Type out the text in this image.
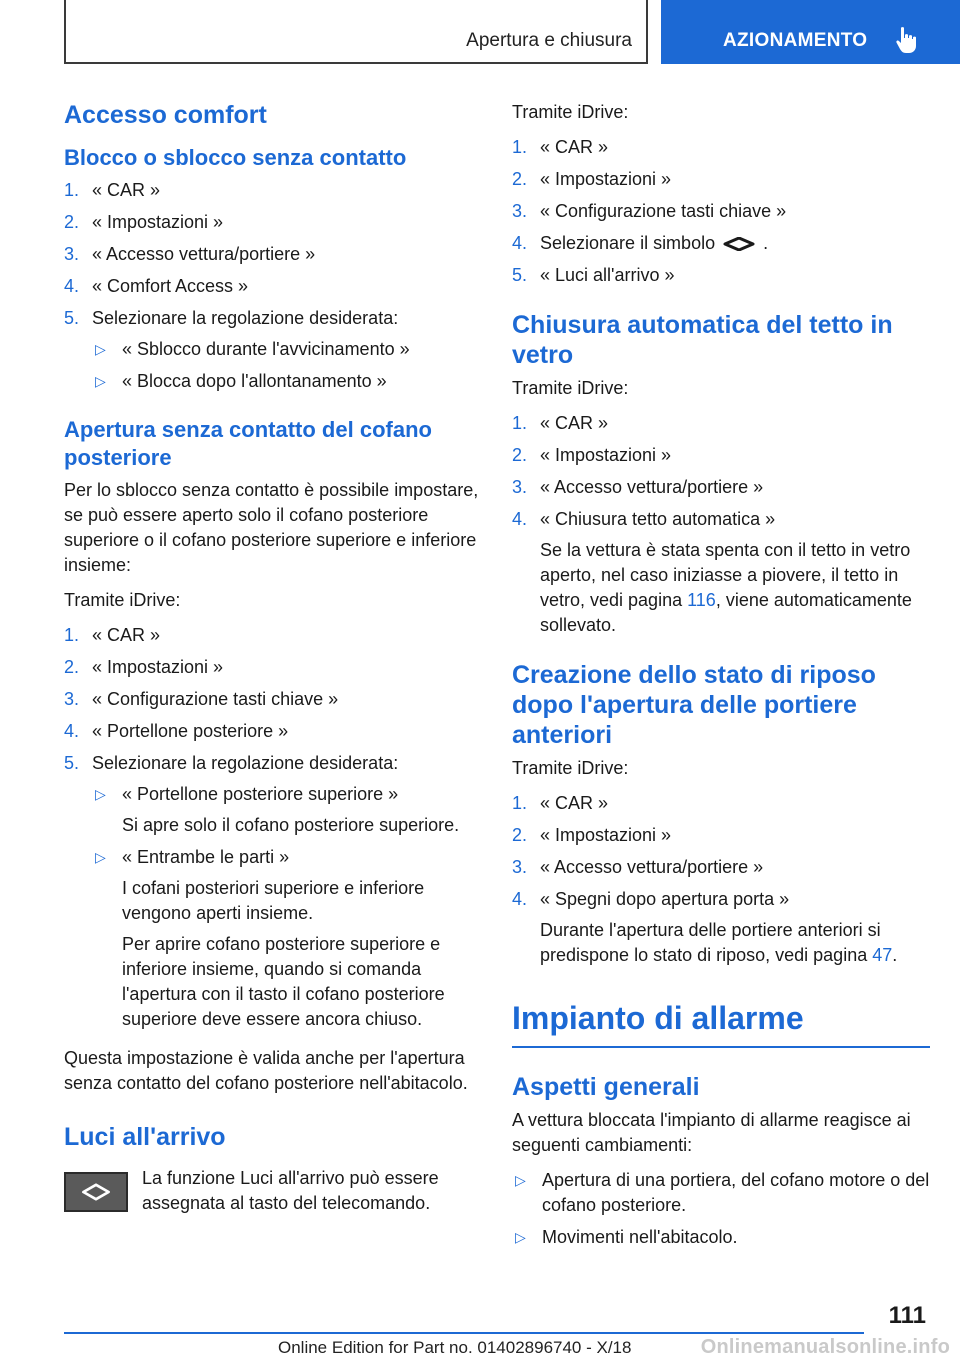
Apertura e chiusura	AZIONAMENTO
Accesso comfort
Blocco o sblocco senza contatto
1. « CAR »
2. « Impostazioni »
3. « Accesso vettura/portiere »
4. « Comfort Access »
5. Selezionare la regolazione desiderata:
▷ « Sblocco durante l'avvicinamento »
▷ « Blocca dopo l'allontanamento »
Apertura senza contatto del cofano posteriore

Per lo sblocco senza contatto è possibile impostare, se può essere aperto solo il cofano posteriore superiore o il cofano posteriore superiore e inferiore insieme:

Tramite iDrive:

1. « CAR »
2. « Impostazioni »
3. « Configurazione tasti chiave »
4. « Portellone posteriore »
5. Selezionare la regolazione desiderata:
▷ « Portellone posteriore superiore »
Si apre solo il cofano posteriore superiore.
▷ « Entrambe le parti »
I cofani posteriori superiore e inferiore vengono aperti insieme.
Per aprire cofano posteriore superiore e inferiore insieme, quando si comanda l'apertura con il tasto il cofano posteriore superiore deve essere ancora chiuso.

Questa impostazione è valida anche per l'apertura senza contatto del cofano posteriore nell'abitacolo.

Luci all'arrivo
La funzione Luci all'arrivo può essere assegnata al tasto del telecomando.

Tramite iDrive:

1. « CAR »
2. « Impostazioni »
3. « Configurazione tasti chiave »
4. Selezionare il simbolo	.
5. « Luci all'arrivo »
Chiusura automatica del tetto in vetro

Tramite iDrive:

1. « CAR »
2. « Impostazioni »
3. « Accesso vettura/portiere »
4. « Chiusura tetto automatica »
Se la vettura è stata spenta con il tetto in vetro aperto, nel caso iniziasse a piovere, il tetto in vetro, vedi pagina 116, viene automaticamente sollevato.
Creazione dello stato di riposo dopo l'apertura delle portiere anteriori

Tramite iDrive:

1. « CAR »
2. « Impostazioni »
3. « Accesso vettura/portiere »
4. « Spegni dopo apertura porta »
Durante l'apertura delle portiere anteriori si predispone lo stato di riposo, vedi pagina 47.
Impianto di allarme
Aspetti generali

A vettura bloccata l'impianto di allarme reagisce ai seguenti cambiamenti:

▷ Apertura di una portiera, del cofano motore o del cofano posteriore.
▷ Movimenti nell'abitacolo.
111
Online Edition for Part no. 01402896740 - X/18	Onlinemanualsonline.info
